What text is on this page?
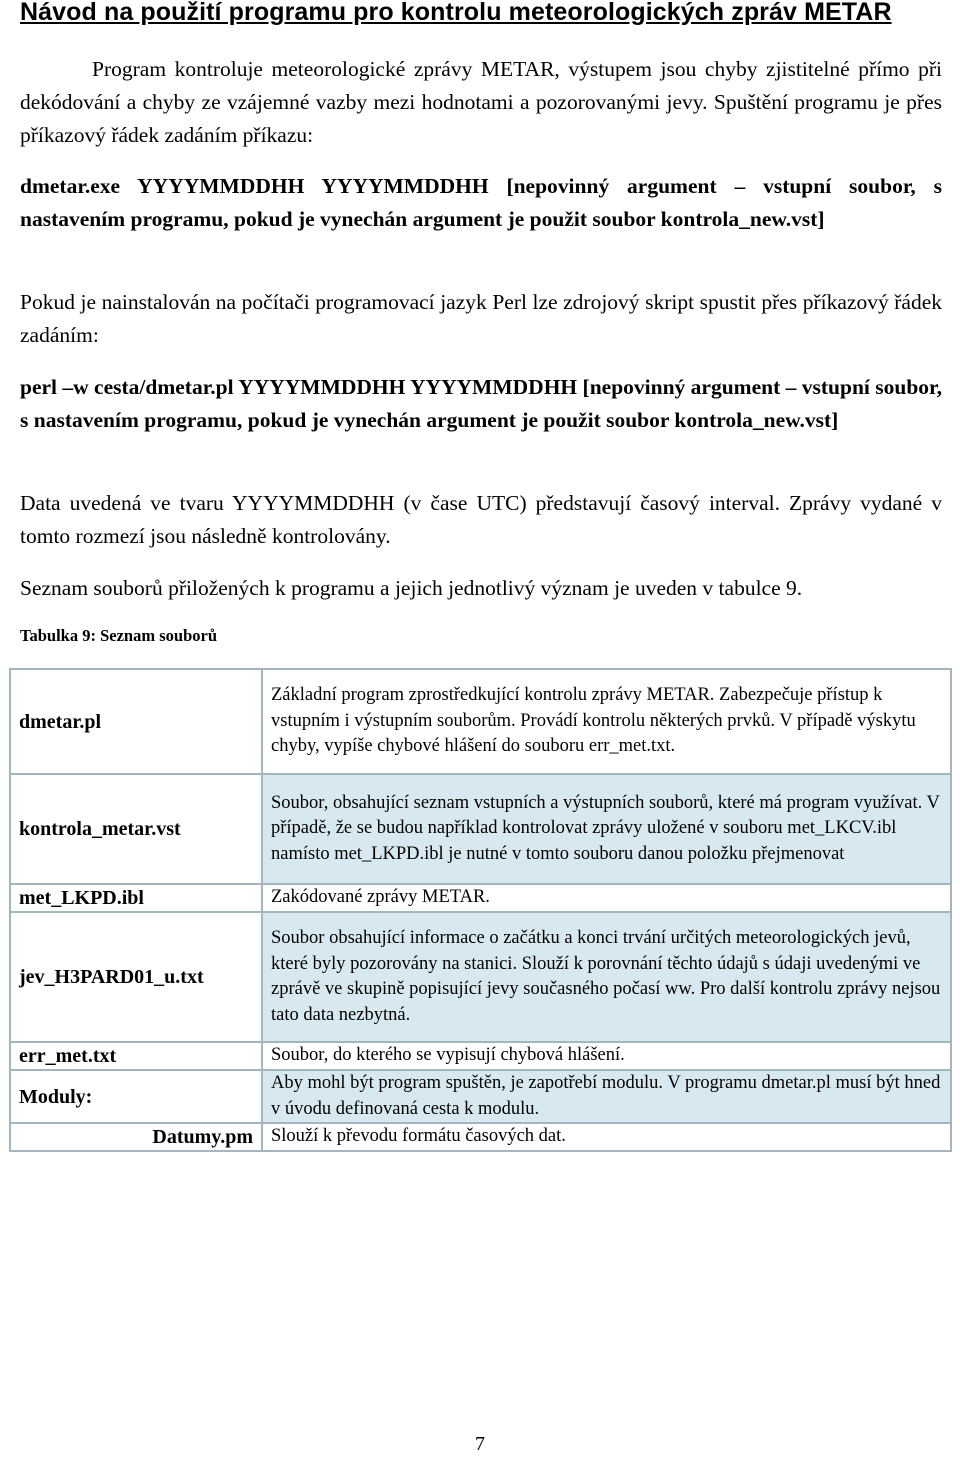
Návod na použití programu pro kontrolu meteorologických zpráv METAR

Program kontroluje meteorologické zprávy METAR, výstupem jsou chyby zjistitelné přímo při dekódování a chyby ze vzájemné vazby mezi hodnotami a pozorovanými jevy. Spuštění programu je přes příkazový řádek zadáním příkazu:

dmetar.exe YYYYMMDDHH YYYYMMDDHH [nepovinný argument – vstupní soubor, s nastavením programu, pokud je vynechán argument je použit soubor kontrola_new.vst]

Pokud je nainstalován na počítači programovací jazyk Perl lze zdrojový skript spustit přes příkazový řádek zadáním:

perl –w cesta/dmetar.pl YYYYMMDDHH YYYYMMDDHH [nepovinný argument – vstupní soubor, s nastavením programu, pokud je vynechán argument je použit soubor kontrola_new.vst]

Data uvedená ve tvaru YYYYMMDDHH (v čase UTC) představují časový interval. Zprávy vydané v tomto rozmezí jsou následně kontrolovány.

Seznam souborů přiložených k programu a jejich jednotlivý význam je uveden v tabulce 9.

Tabulka 9: Seznam souborů

dmetar.pl	Základní program zprostředkující kontrolu zprávy METAR. Zabezpečuje přístup k vstupním i výstupním souborům. Provádí kontrolu některých prvků. V případě výskytu chyby, vypíše chybové hlášení do souboru err_met.txt.
kontrola_metar.vst	Soubor, obsahující seznam vstupních a výstupních souborů, které má program využívat. V případě, že se budou například kontrolovat zprávy uložené v souboru met_LKCV.ibl namísto met_LKPD.ibl je nutné v tomto souboru danou položku přejmenovat
met_LKPD.ibl	Zakódované zprávy METAR.
jev_H3PARD01_u.txt	Soubor obsahující informace o začátku a konci trvání určitých meteorologických jevů, které byly pozorovány na stanici. Slouží k porovnání těchto údajů s údaji uvedenými ve zprávě ve skupině popisující jevy současného počasí ww. Pro další kontrolu zprávy nejsou tato data nezbytná.
err_met.txt	Soubor, do kterého se vypisují chybová hlášení.
Moduly:	Aby mohl být program spuštěn, je zapotřebí modulu. V programu dmetar.pl musí být hned v úvodu definovaná cesta k modulu.
Datumy.pm	Slouží k převodu formátu časových dat.
7
